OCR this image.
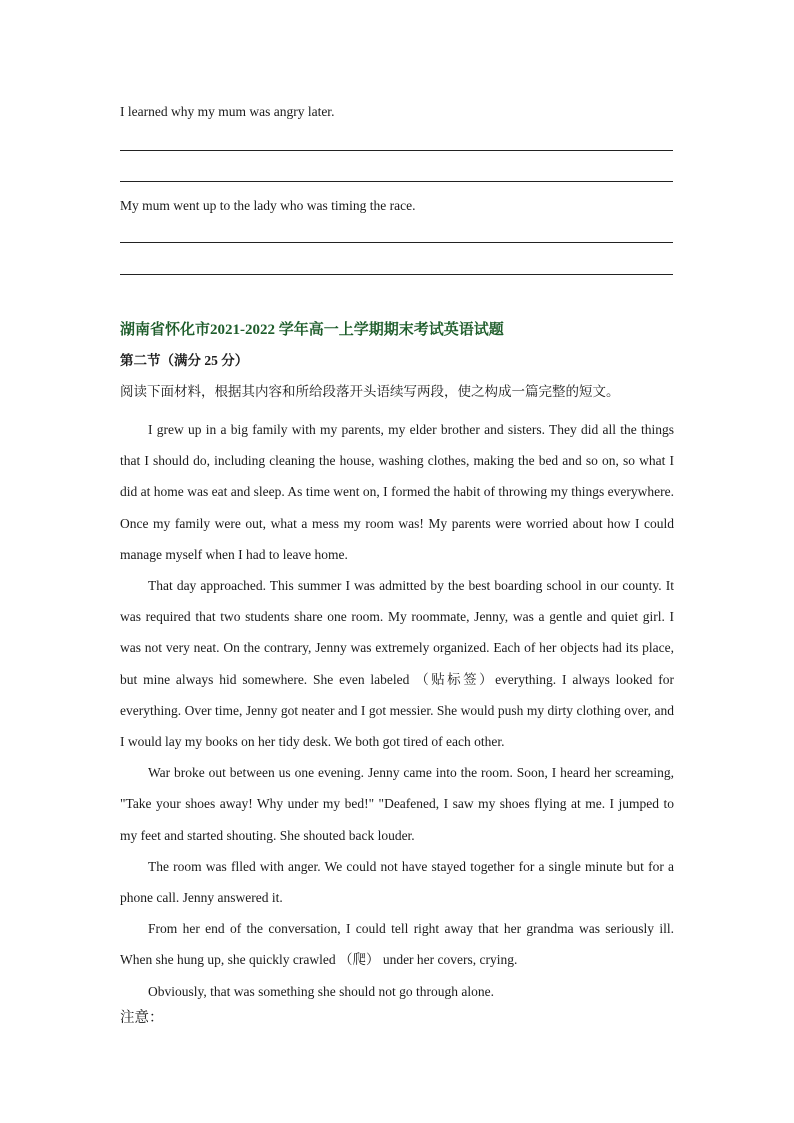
I learned why my mum was angry later.
My mum went up to the lady who was timing the race.
湖南省怀化市2021-2022 学年高一上学期期末考试英语试题
第二节（满分 25 分）
阅读下面材料，根据其内容和所给段落开头语续写两段，使之构成一篇完整的短文。

I grew up in a big family with my parents, my elder brother and sisters. They did all the things that I should do, including cleaning the house, washing clothes, making the bed and so on, so what I did at home was eat and sleep. As time went on, I formed the habit of throwing my things everywhere. Once my family were out, what a mess my room was! My parents were worried about how I could manage myself when I had to leave home.

That day approached. This summer I was admitted by the best boarding school in our county. It was required that two students share one room. My roommate, Jenny, was a gentle and quiet girl. I was not very neat. On the contrary, Jenny was extremely organized. Each of her objects had its place, but mine always hid somewhere. She even labeled （贴标签）everything. I always looked for everything. Over time, Jenny got neater and I got messier. She would push my dirty clothing over, and I would lay my books on her tidy desk. We both got tired of each other.

War broke out between us one evening. Jenny came into the room. Soon, I heard her screaming, "Take your shoes away! Why under my bed!" "Deafened, I saw my shoes flying at me. I jumped to my feet and started shouting. She shouted back louder.

The room was flled with anger. We could not have stayed together for a single minute but for a phone call. Jenny answered it.

From her end of the conversation, I could tell right away that her grandma was seriously ill. When she hung up, she quickly crawled （爬） under her covers, crying.

Obviously, that was something she should not go through alone.

注意：
